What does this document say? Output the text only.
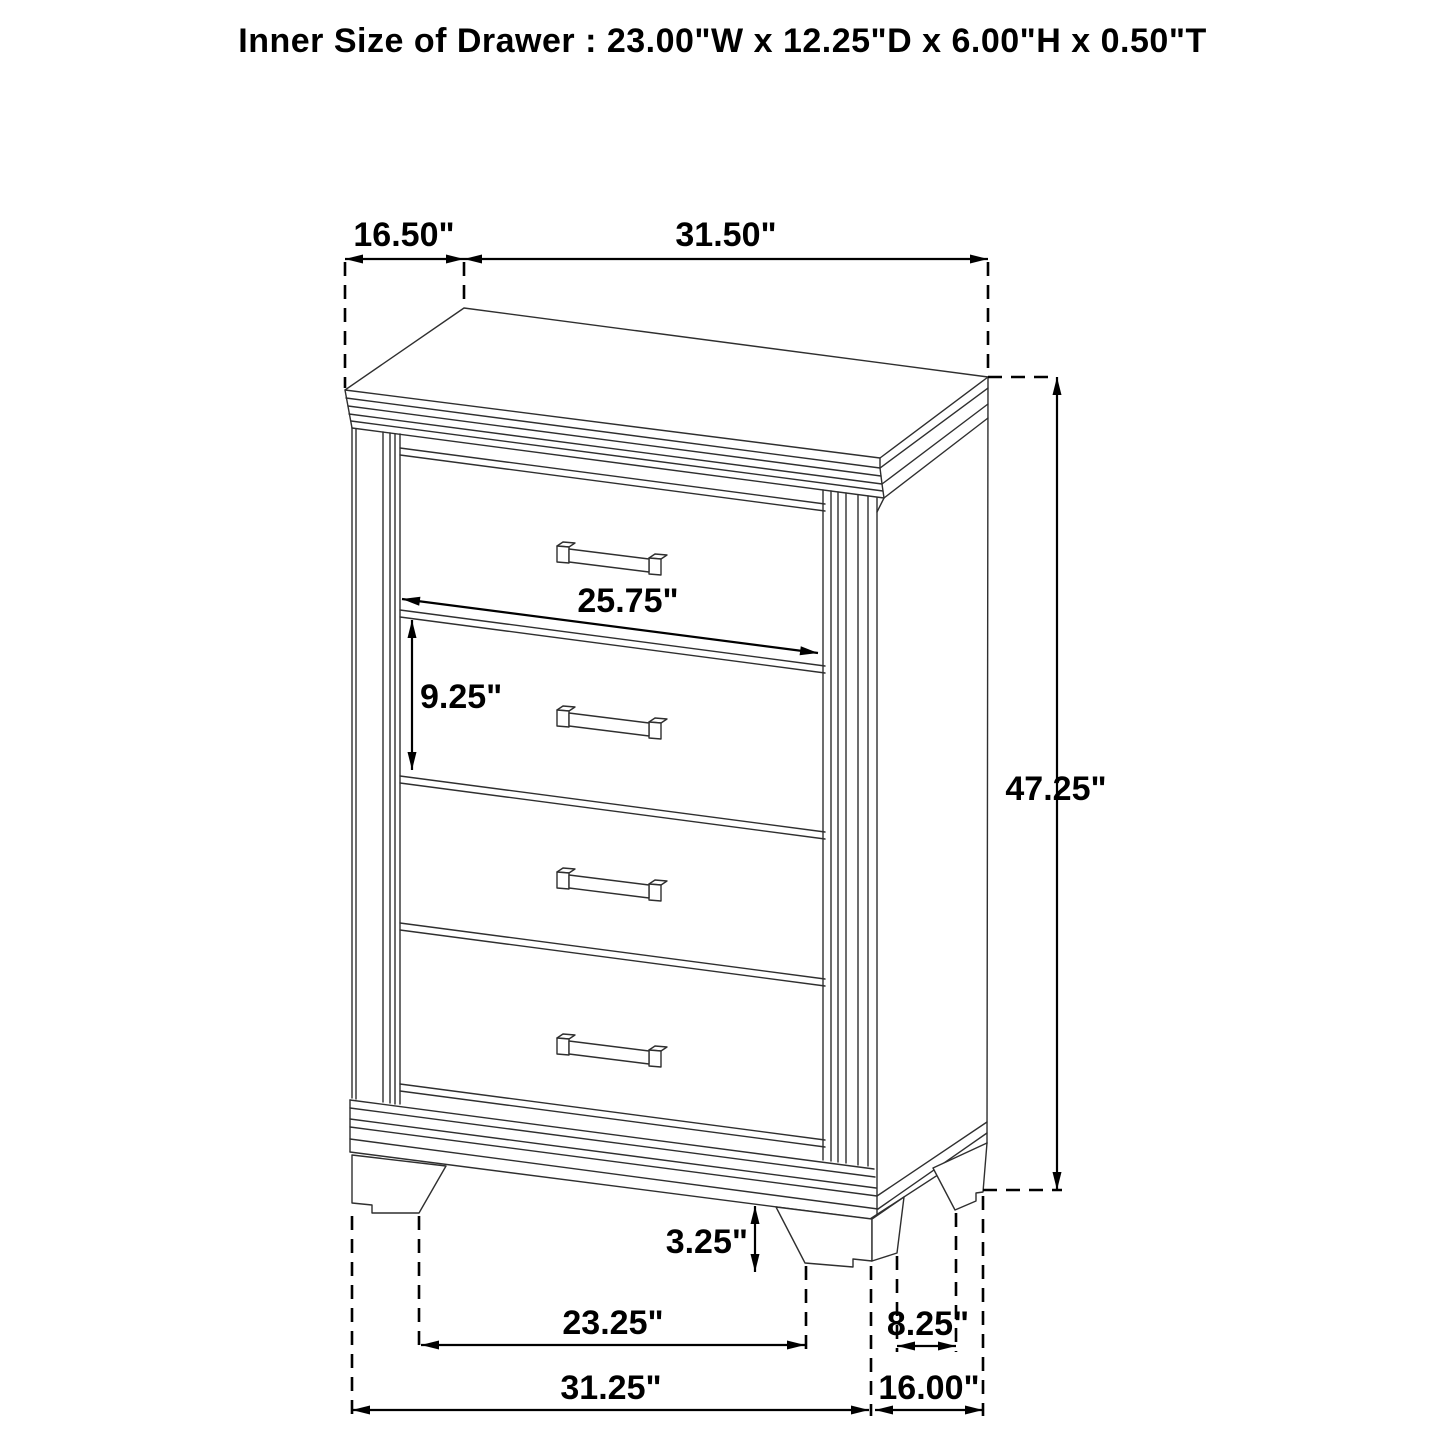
Inner Size of Drawer : 23.00"W x 12.25"D x 6.00"H x 0.50"T
16.50"	31.50"
47.25"
25.75"
9.25"
3.25"
23.25"	8.25"
31.25"	16.00"
